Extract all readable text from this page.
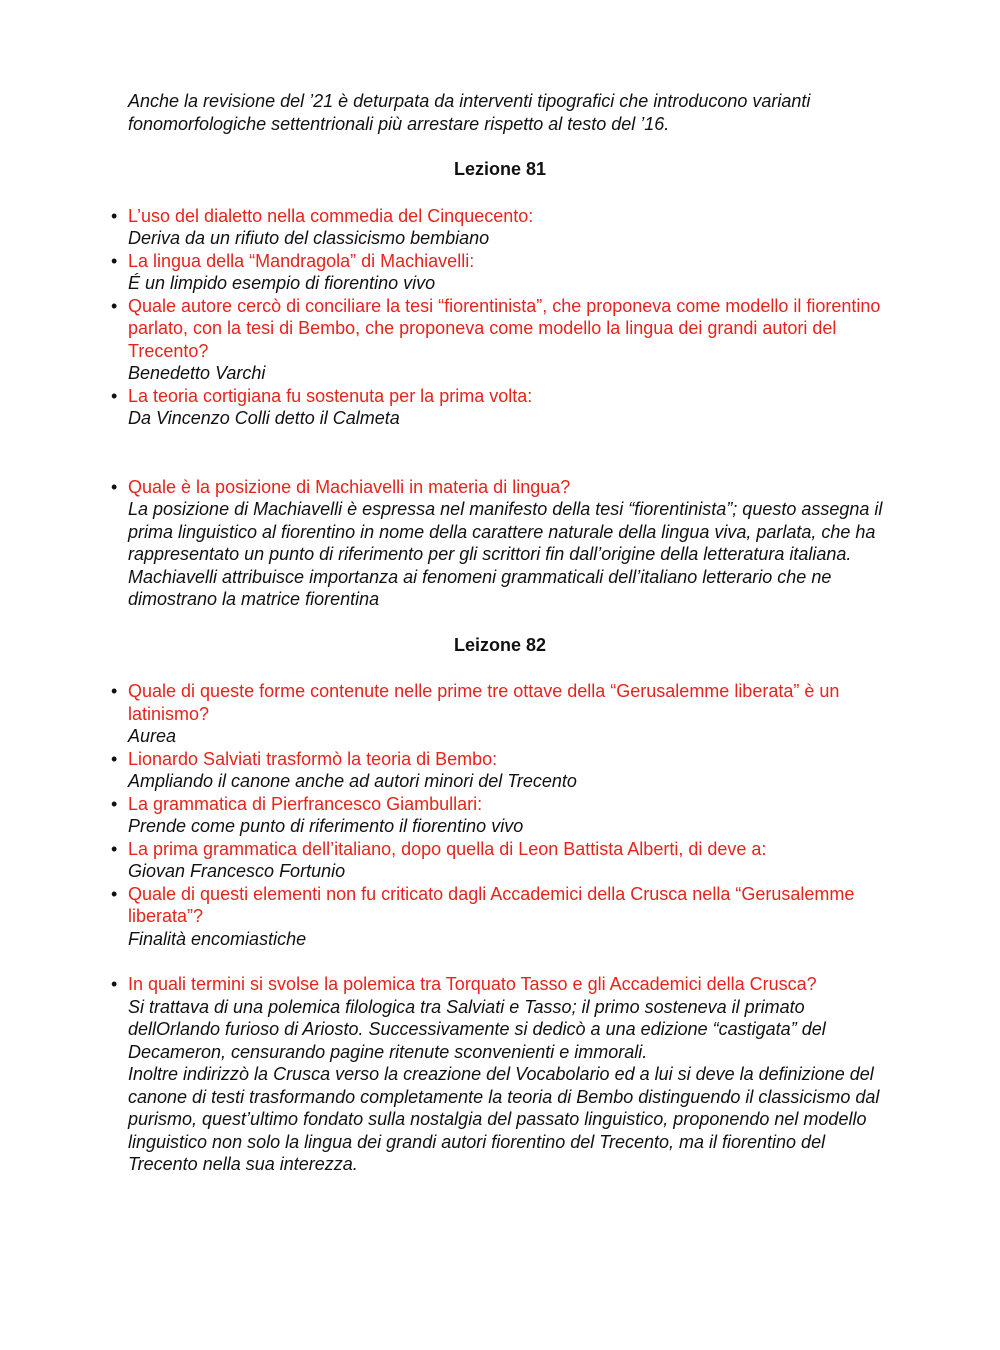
Anche la revisione del ’21 è deturpata da interventi tipografici che introducono varianti fonomorfologiche settentrionali più arrestare rispetto al testo del ’16.
Lezione 81
• L’uso del dialetto nella commedia del Cinquecento:
Deriva da un rifiuto del classicismo bembiano
• La lingua della “Mandragola” di Machiavelli:
É un limpido esempio di fiorentino vivo
• Quale autore cercò di conciliare la tesi “fiorentinista”, che proponeva come modello il fiorentino parlato, con la tesi di Bembo, che proponeva come modello la lingua dei grandi autori del Trecento?
Benedetto Varchi
• La teoria cortigiana fu sostenuta per la prima volta:
Da Vincenzo Colli detto il Calmeta
• Quale è la posizione di Machiavelli in materia di lingua?
La posizione di Machiavelli è espressa nel manifesto della tesi “fiorentinista”; questo assegna il prima linguistico al fiorentino in nome della carattere naturale della lingua viva, parlata, che ha rappresentato un punto di riferimento per gli scrittori fin dall’origine della letteratura italiana.
Machiavelli attribuisce importanza ai fenomeni grammaticali dell’italiano letterario che ne dimostrano la matrice fiorentina
Leizone 82
• Quale di queste forme contenute nelle prime tre ottave della “Gerusalemme liberata” è un latinismo?
Aurea
• Lionardo Salviati trasformò la teoria di Bembo:
Ampliando il canone anche ad autori minori del Trecento
• La grammatica di Pierfrancesco Giambullari:
Prende come punto di riferimento il fiorentino vivo
• La prima grammatica dell’italiano, dopo quella di Leon Battista Alberti, di deve a:
Giovan Francesco Fortunio
• Quale di questi elementi non fu criticato dagli Accademici della Crusca nella “Gerusalemme liberata”?
Finalità encomiastiche
• In quali termini si svolse la polemica tra Torquato Tasso e gli Accademici della Crusca?
Si trattava di una polemica filologica tra Salviati e Tasso; il primo sosteneva il primato dellOrlando furioso di Ariosto. Successivamente si dedicò a una edizione “castigata” del Decameron, censurando pagine ritenute sconvenienti e immorali.
Inoltre indirizzò la Crusca verso la creazione del Vocabolario ed a lui si deve la definizione del canone di testi trasformando completamente la teoria di Bembo distinguendo il classicismo dal purismo, quest’ultimo fondato sulla nostalgia del passato linguistico, proponendo nel modello linguistico non solo la lingua dei grandi autori fiorentino del Trecento, ma il fiorentino del Trecento nella sua interezza.
